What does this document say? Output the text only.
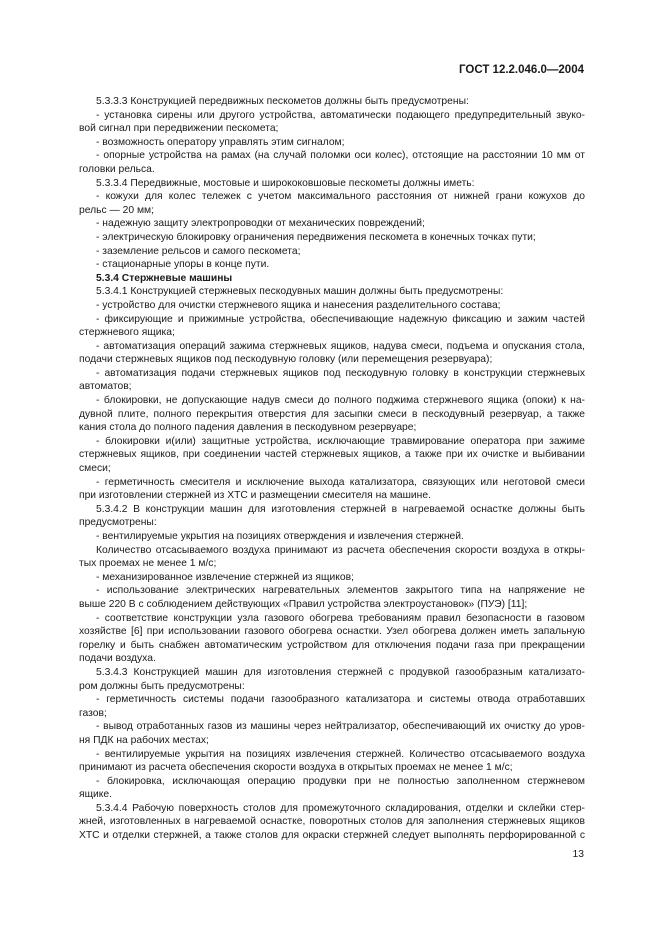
ГОСТ 12.2.046.0—2004
5.3.3.3 Конструкцией передвижных пескометов должны быть предусмотрены:
- установка сирены или другого устройства, автоматически подающего предупредительный звуко-
вой сигнал при передвижении пескомета;
- возможность оператору управлять этим сигналом;
- опорные устройства на рамах (на случай поломки оси колес), отстоящие на расстоянии 10 мм от
головки рельса.
5.3.3.4 Передвижные, мостовые и ширококовшовые пескометы должны иметь:
- кожухи для колес тележек с учетом максимального расстояния от нижней грани кожухов до
рельс — 20 мм;
- надежную защиту электропроводки от механических повреждений;
- электрическую блокировку ограничения передвижения пескомета в конечных точках пути;
- заземление рельсов и самого пескомета;
- стационарные упоры в конце пути.
5.3.4 Стержневые машины
5.3.4.1 Конструкцией стержневых пескодувных машин должны быть предусмотрены:
- устройство для очистки стержневого ящика и нанесения разделительного состава;
- фиксирующие и прижимные устройства, обеспечивающие надежную фиксацию и зажим частей
стержневого ящика;
- автоматизация операций зажима стержневых ящиков, надува смеси, подъема и опускания стола,
подачи стержневых ящиков под пескодувную головку (или перемещения резервуара);
- автоматизация подачи стержневых ящиков под пескодувную головку в конструкции стержневых
автоматов;
- блокировки, не допускающие надув смеси до полного поджима стержневого ящика (опоки) к на-
дувной плите, полного перекрытия отверстия для засыпки смеси в пескодувный резервуар, а также
кания стола до полного падения давления в пескодувном резервуаре;
- блокировки и(или) защитные устройства, исключающие травмирование оператора при зажиме
стержневых ящиков, при соединении частей стержневых ящиков, а также при их очистке и выбивании
смеси;
- герметичность смесителя и исключение выхода катализатора, связующих или неготовой смеси
при изготовлении стержней из ХТС и размещении смесителя на машине.
5.3.4.2 В конструкции машин для изготовления стержней в нагреваемой оснастке должны быть
предусмотрены:
- вентилируемые укрытия на позициях отверждения и извлечения стержней.
Количество отсасываемого воздуха принимают из расчета обеспечения скорости воздуха в откры-
тых проемах не менее 1 м/с;
- механизированное извлечение стержней из ящиков;
- использование электрических нагревательных элементов закрытого типа на напряжение не
выше 220 В с соблюдением действующих «Правил устройства электроустановок» (ПУЭ) [11];
- соответствие конструкции узла газового обогрева требованиям правил безопасности в газовом
хозяйстве [6] при использовании газового обогрева оснастки. Узел обогрева должен иметь запальную
горелку и быть снабжен автоматическим устройством для отключения подачи газа при прекращении
подачи воздуха.
5.3.4.3 Конструкцией машин для изготовления стержней с продувкой газообразным катализато-
ром должны быть предусмотрены:
- герметичность системы подачи газообразного катализатора и системы отвода отработавших
газов;
- вывод отработанных газов из машины через нейтрализатор, обеспечивающий их очистку до уров-
ня ПДК на рабочих местах;
- вентилируемые укрытия на позициях извлечения стержней. Количество отсасываемого воздуха
принимают из расчета обеспечения скорости воздуха в открытых проемах не менее 1 м/с;
- блокировка, исключающая операцию продувки при не полностью заполненном стержневом
ящике.
5.3.4.4 Рабочую поверхность столов для промежуточного складирования, отделки и склейки стер-
жней, изготовленных в нагреваемой оснастке, поворотных столов для заполнения стержневых ящиков
ХТС и отделки стержней, а также столов для окраски стержней следует выполнять перфорированной с
13
